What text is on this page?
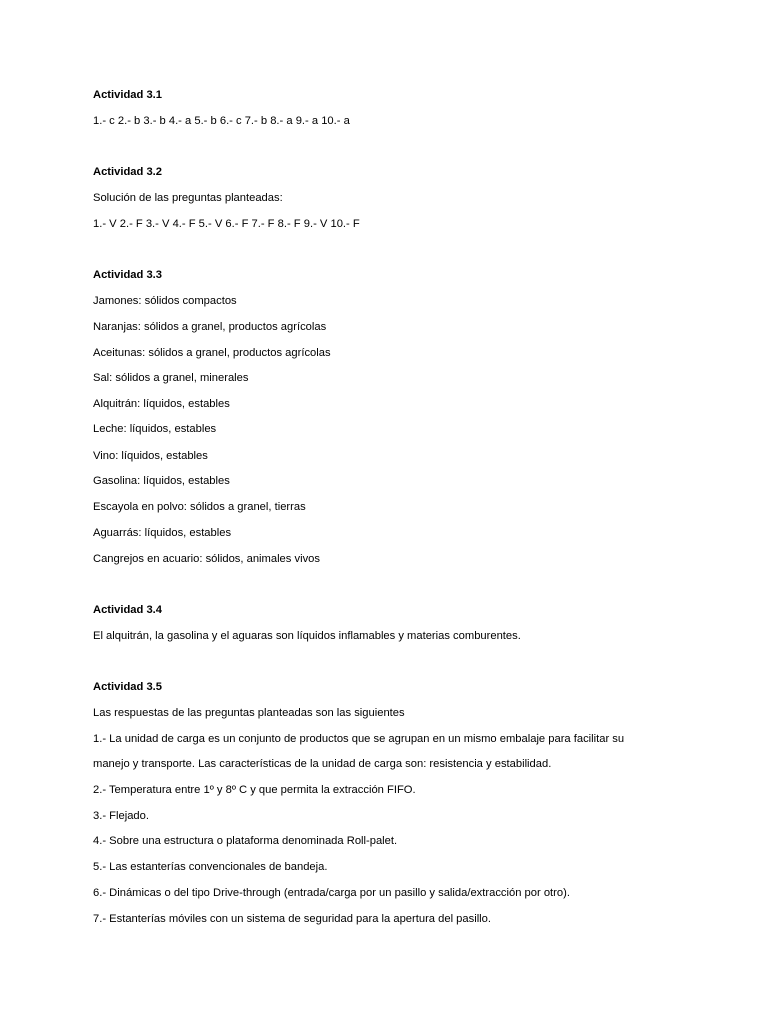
Actividad 3.1
1.- c 2.- b 3.- b 4.- a 5.- b 6.- c 7.- b 8.- a 9.- a 10.- a
Actividad 3.2
Solución de las preguntas planteadas:
1.- V 2.- F 3.- V 4.- F 5.- V 6.- F 7.- F 8.- F 9.- V 10.- F
Actividad 3.3
Jamones: sólidos compactos
Naranjas: sólidos a granel, productos agrícolas
Aceitunas: sólidos a granel, productos agrícolas
Sal: sólidos a granel, minerales
Alquitrán: líquidos, estables
Leche: líquidos, estables
Vino: líquidos, estables
Gasolina: líquidos, estables
Escayola en polvo: sólidos a granel, tierras
Aguarrás: líquidos, estables
Cangrejos en acuario: sólidos, animales vivos
Actividad 3.4
El alquitrán, la gasolina y el aguaras son líquidos inflamables y materias comburentes.
Actividad 3.5
Las respuestas de las preguntas planteadas son las siguientes
1.- La unidad de carga es un conjunto de productos que se agrupan en un mismo embalaje para facilitar su
manejo y transporte. Las características de la unidad de carga son: resistencia y estabilidad.
2.- Temperatura entre 1º y 8º C y que permita la extracción FIFO.
3.- Flejado.
4.- Sobre una estructura o plataforma denominada Roll-palet.
5.- Las estanterías convencionales de bandeja.
6.- Dinámicas o del tipo Drive-through (entrada/carga por un pasillo y salida/extracción por otro).
7.- Estanterías móviles con un sistema de seguridad para la apertura del pasillo.
